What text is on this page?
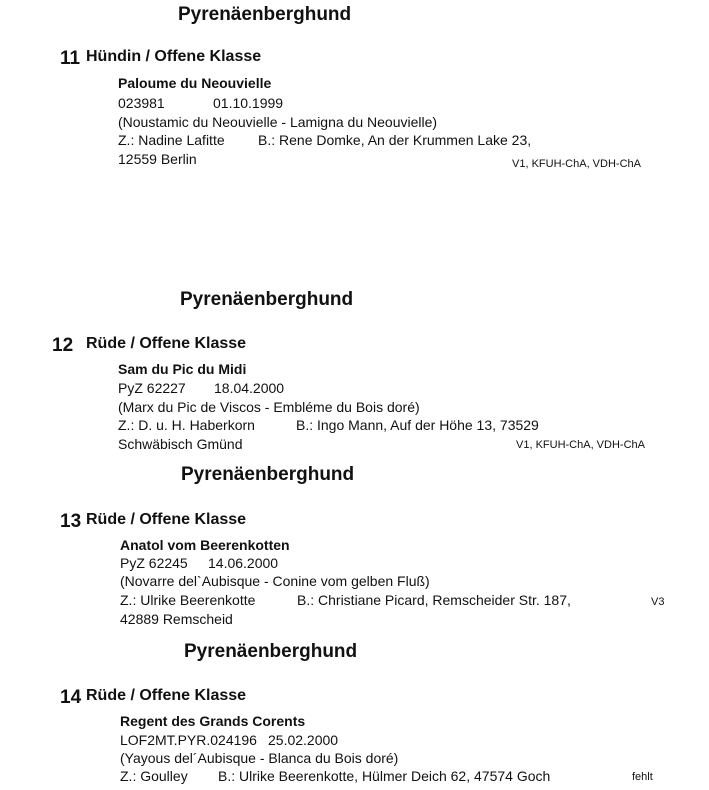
Pyrenäenberghund
11 Hündin / Offene Klasse
Paloume du Neouvielle
023981	01.10.1999
(Noustamic du Neouvielle - Lamigna du Neouvielle)
Z.: Nadine Lafitte B.: Rene Domke, An der Krummen Lake 23,
12559 Berlin	V1, KFUH-ChA, VDH-ChA
Pyrenäenberghund
12 Rüde / Offene Klasse
Sam du Pic du Midi
PyZ 62227 18.04.2000
(Marx du Pic de Viscos - Embléme du Bois doré)
Z.: D. u. H. Haberkorn	B.: Ingo Mann, Auf der Höhe 13, 73529
Schwäbisch Gmünd	V1, KFUH-ChA, VDH-ChA
Pyrenäenberghund
13 Rüde / Offene Klasse
Anatol vom Beerenkotten
PyZ 62245 14.06.2000
(Novarre del`Aubisque - Conine vom gelben Fluß)
Z.: Ulrike Beerenkotte	B.: Christiane Picard, Remscheider Str. 187,
42889 Remscheid
V3
Pyrenäenberghund
14 Rüde / Offene Klasse
Regent des Grands Corents
LOF2MT.PYR.024196 25.02.2000
(Yayous del´Aubisque - Blanca du Bois doré)
Z.: Goulley B.: Ulrike Beerenkotte, Hülmer Deich 62, 47574 Goch	fehlt
